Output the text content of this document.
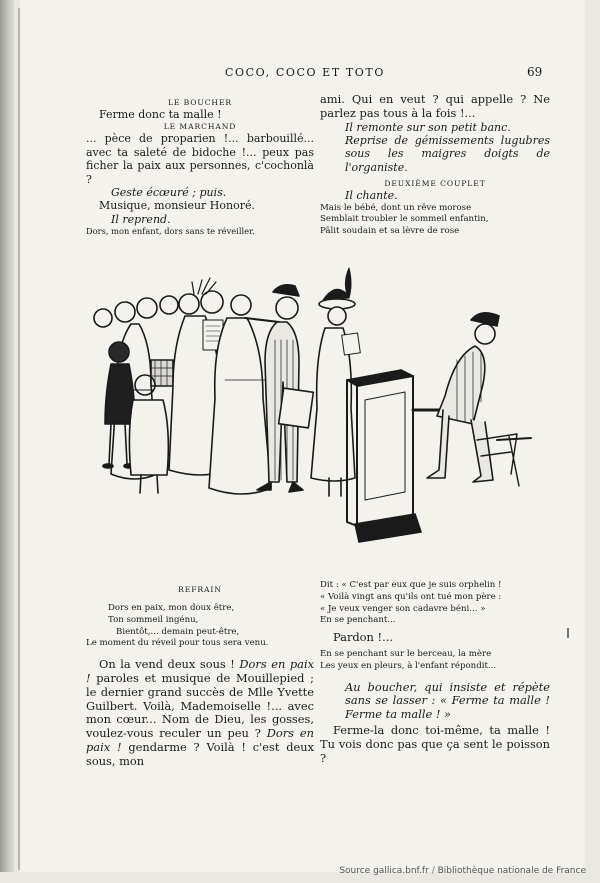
COCO, COCO ET TOTO	69
LE BOUCHER
Ferme donc ta malle !
LE MARCHAND
... pèce de proparien !... barbouillé... avec ta saleté de bidoche !... peux pas ficher la paix aux personnes, c'cochonlà ?
Geste écœuré ; puis.
Musique, monsieur Honoré.
Il reprend.
Dors, mon enfant, dors sans te réveiller.
ami. Qui en veut ? qui appelle ? Ne parlez pas tous à la fois !...
Il remonte sur son petit banc.
Reprise de gémissements lugubres sous les maigres doigts de l'organiste.
DEUXIÈME COUPLET
Il chante.
Mais le bébé, dont un rêve morose
Semblait troubler le sommeil enfantin,
Pâlit soudain et sa lèvre de rose
REFRAIN
Dors en paix, mon doux être,
Ton sommeil ingénu,
Bientôt,... demain peut-être,
Le moment du réveil pour tous sera venu.
On la vend deux sous ! Dors en paix ! paroles et musique de Mouillepied ; le dernier grand succès de Mlle Yvette Guilbert. Voilà, Mademoiselle !... avec mon cœur... Nom de Dieu, les gosses, voulez-vous reculer un peu ? Dors en paix ! gendarme ? Voilà ! c'est deux sous, mon
Dit : « C'est par eux que je suis orphelin !
« Voilà vingt ans qu'ils ont tué mon père :
« Je veux venger son cadavre béni... »
En se penchant...
Pardon !...
En se penchant sur le berceau, la mère
Les yeux en pleurs, à l'enfant répondit...
Au boucher, qui insiste et répète sans se lasser : « Ferme ta malle ! Ferme ta malle ! »
Ferme-la donc toi-même, ta malle ! Tu vois donc pas que ça sent le poisson ?
Source gallica.bnf.fr / Bibliothèque nationale de France
